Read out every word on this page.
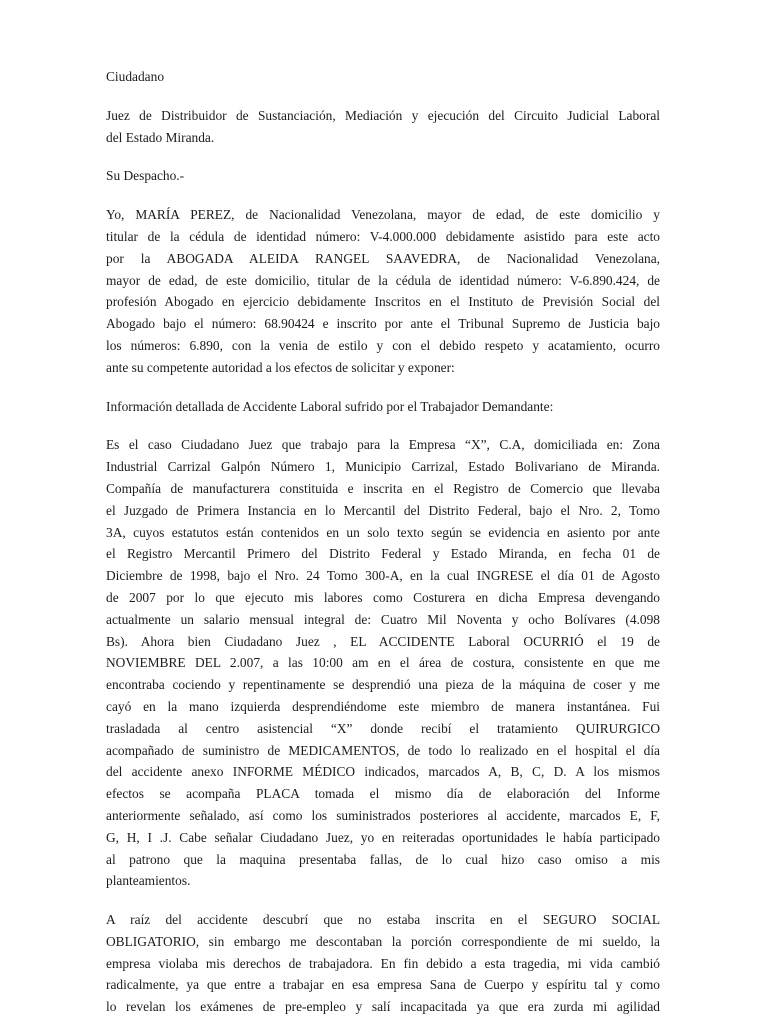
Ciudadano

Juez de Distribuidor de Sustanciación, Mediación y ejecución del Circuito Judicial Laboral
del Estado Miranda.

Su Despacho.-

Yo, MARÍA PEREZ, de Nacionalidad Venezolana, mayor de edad, de este domicilio y
titular de la cédula de identidad número: V-4.000.000 debidamente asistido para este acto
por la ABOGADA ALEIDA RANGEL SAAVEDRA, de Nacionalidad Venezolana,
mayor de edad, de este domicilio, titular de la cédula de identidad número: V-6.890.424, de
profesión Abogado en ejercicio debidamente Inscritos en el Instituto de Previsión Social del
Abogado bajo el número: 68.90424 e inscrito por ante el Tribunal Supremo de Justicia bajo
los números: 6.890, con la venia de estilo y con el debido respeto y acatamiento, ocurro
ante su competente autoridad a los efectos de solicitar y exponer:

Información detallada de Accidente Laboral sufrido por el Trabajador Demandante:

Es el caso Ciudadano Juez que trabajo para la Empresa “X”, C.A, domiciliada en: Zona
Industrial Carrizal Galpón Número 1, Municipio Carrizal, Estado Bolivariano de Miranda.
Compañía de manufacturera constituida e inscrita en el Registro de Comercio que llevaba
el Juzgado de Primera Instancia en lo Mercantil del Distrito Federal, bajo el Nro. 2, Tomo
3A, cuyos estatutos están contenidos en un solo texto según se evidencia en asiento por ante
el Registro Mercantil Primero del Distrito Federal y Estado Miranda, en fecha 01 de
Diciembre de 1998, bajo el Nro. 24 Tomo 300-A, en la cual INGRESE el día 01 de Agosto
de 2007 por lo que ejecuto mis labores como Costurera en dicha Empresa devengando
actualmente un salario mensual integral de: Cuatro Mil Noventa y ocho Bolívares (4.098
Bs). Ahora bien Ciudadano Juez , EL ACCIDENTE Laboral OCURRIÓ el 19 de
NOVIEMBRE DEL 2.007, a las 10:00 am en el área de costura, consistente en que me
encontraba cociendo y repentinamente se desprendió una pieza de la máquina de coser y me
cayó en la mano izquierda desprendiéndome este miembro de manera instantánea. Fui
trasladada al centro asistencial “X” donde recibí el tratamiento QUIRURGICO
acompañado de suministro de MEDICAMENTOS, de todo lo realizado en el hospital el día
del accidente anexo INFORME MÉDICO indicados, marcados A, B, C, D. A los mismos
efectos se acompaña PLACA tomada el mismo día de elaboración del Informe
anteriormente señalado, así como los suministrados posteriores al accidente, marcados E, F,
G, H, I .J. Cabe señalar Ciudadano Juez, yo en reiteradas oportunidades le había participado
al patrono que la maquina presentaba fallas, de lo cual hizo caso omiso a mis
planteamientos.

A raíz del accidente descubrí que no estaba inscrita en el SEGURO SOCIAL
OBLIGATORIO, sin embargo me descontaban la porción correspondiente de mi sueldo, la
empresa violaba mis derechos de trabajadora. En fin debido a esta tragedia, mi vida cambió
radicalmente, ya que entre a trabajar en esa empresa Sana de Cuerpo y espíritu tal y como
lo revelan los exámenes de pre-empleo y salí incapacitada ya que era zurda mi agilidad
